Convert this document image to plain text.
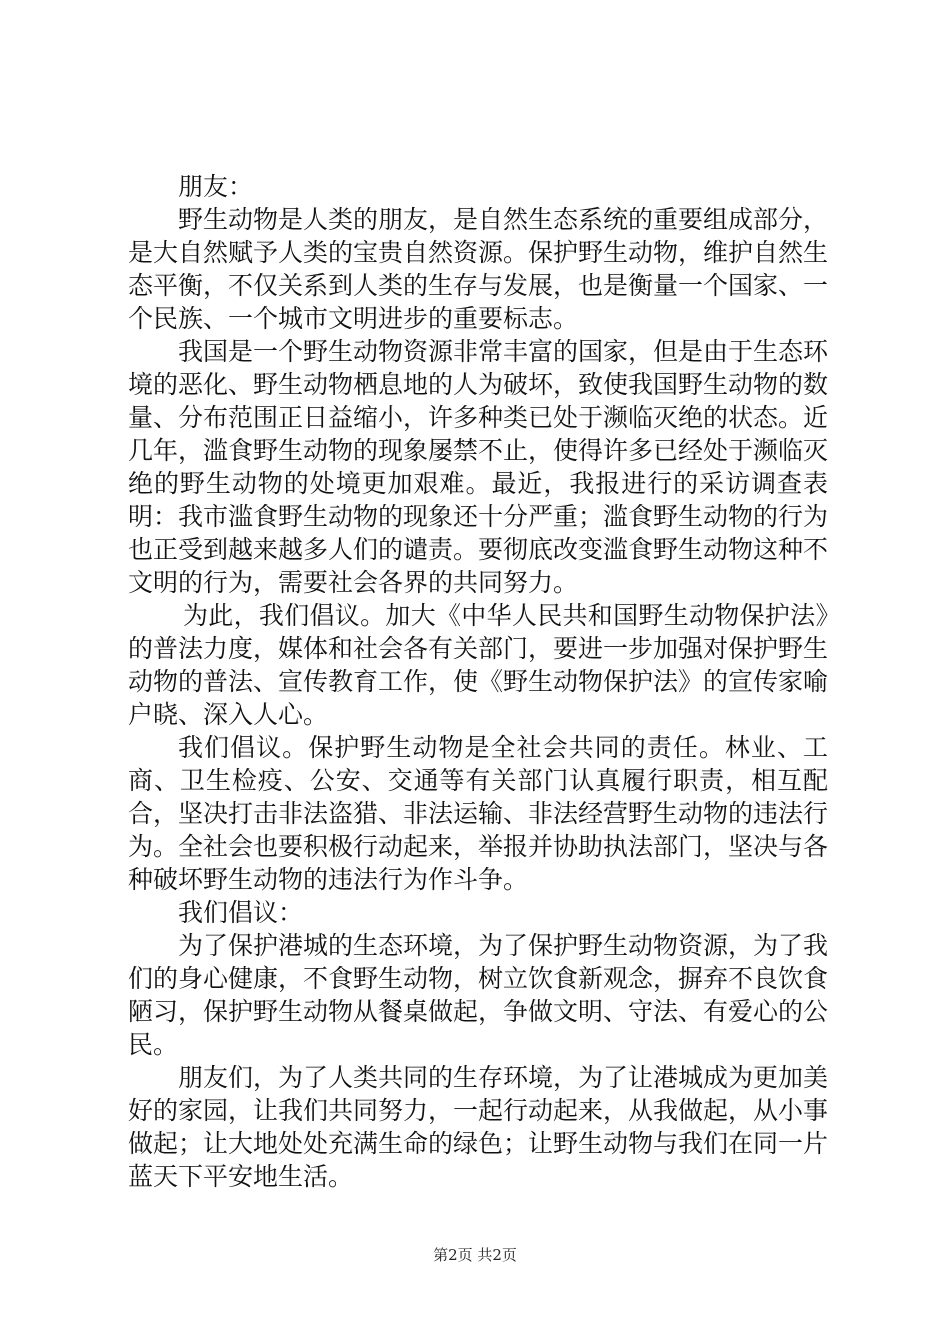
朋友：

野生动物是人类的朋友，是自然生态系统的重要组成部分，是大自然赋予人类的宝贵自然资源。保护野生动物，维护自然生态平衡，不仅关系到人类的生存与发展，也是衡量一个国家、一个民族、一个城市文明进步的重要标志。

我国是一个野生动物资源非常丰富的国家，但是由于生态环境的恶化、野生动物栖息地的人为破坏，致使我国野生动物的数量、分布范围正日益缩小，许多种类已处于濒临灭绝的状态。近几年，滥食野生动物的现象屡禁不止，使得许多已经处于濒临灭绝的野生动物的处境更加艰难。最近，我报进行的采访调查表明：我市滥食野生动物的现象还十分严重；滥食野生动物的行为也正受到越来越多人们的谴责。要彻底改变滥食野生动物这种不文明的行为，需要社会各界的共同努力。

为此，我们倡议。加大《中华人民共和国野生动物保护法》的普法力度，媒体和社会各有关部门，要进一步加强对保护野生动物的普法、宣传教育工作，使《野生动物保护法》的宣传家喻户晓、深入人心。

我们倡议。保护野生动物是全社会共同的责任。林业、工商、卫生检疫、公安、交通等有关部门认真履行职责，相互配合，坚决打击非法盗猎、非法运输、非法经营野生动物的违法行为。全社会也要积极行动起来，举报并协助执法部门，坚决与各种破坏野生动物的违法行为作斗争。

我们倡议：

为了保护港城的生态环境，为了保护野生动物资源，为了我们的身心健康，不食野生动物，树立饮食新观念，摒弃不良饮食陋习，保护野生动物从餐桌做起，争做文明、守法、有爱心的公民。

朋友们，为了人类共同的生存环境，为了让港城成为更加美好的家园，让我们共同努力，一起行动起来，从我做起，从小事做起；让大地处处充满生命的绿色；让野生动物与我们在同一片蓝天下平安地生活。

第2页 共2页
